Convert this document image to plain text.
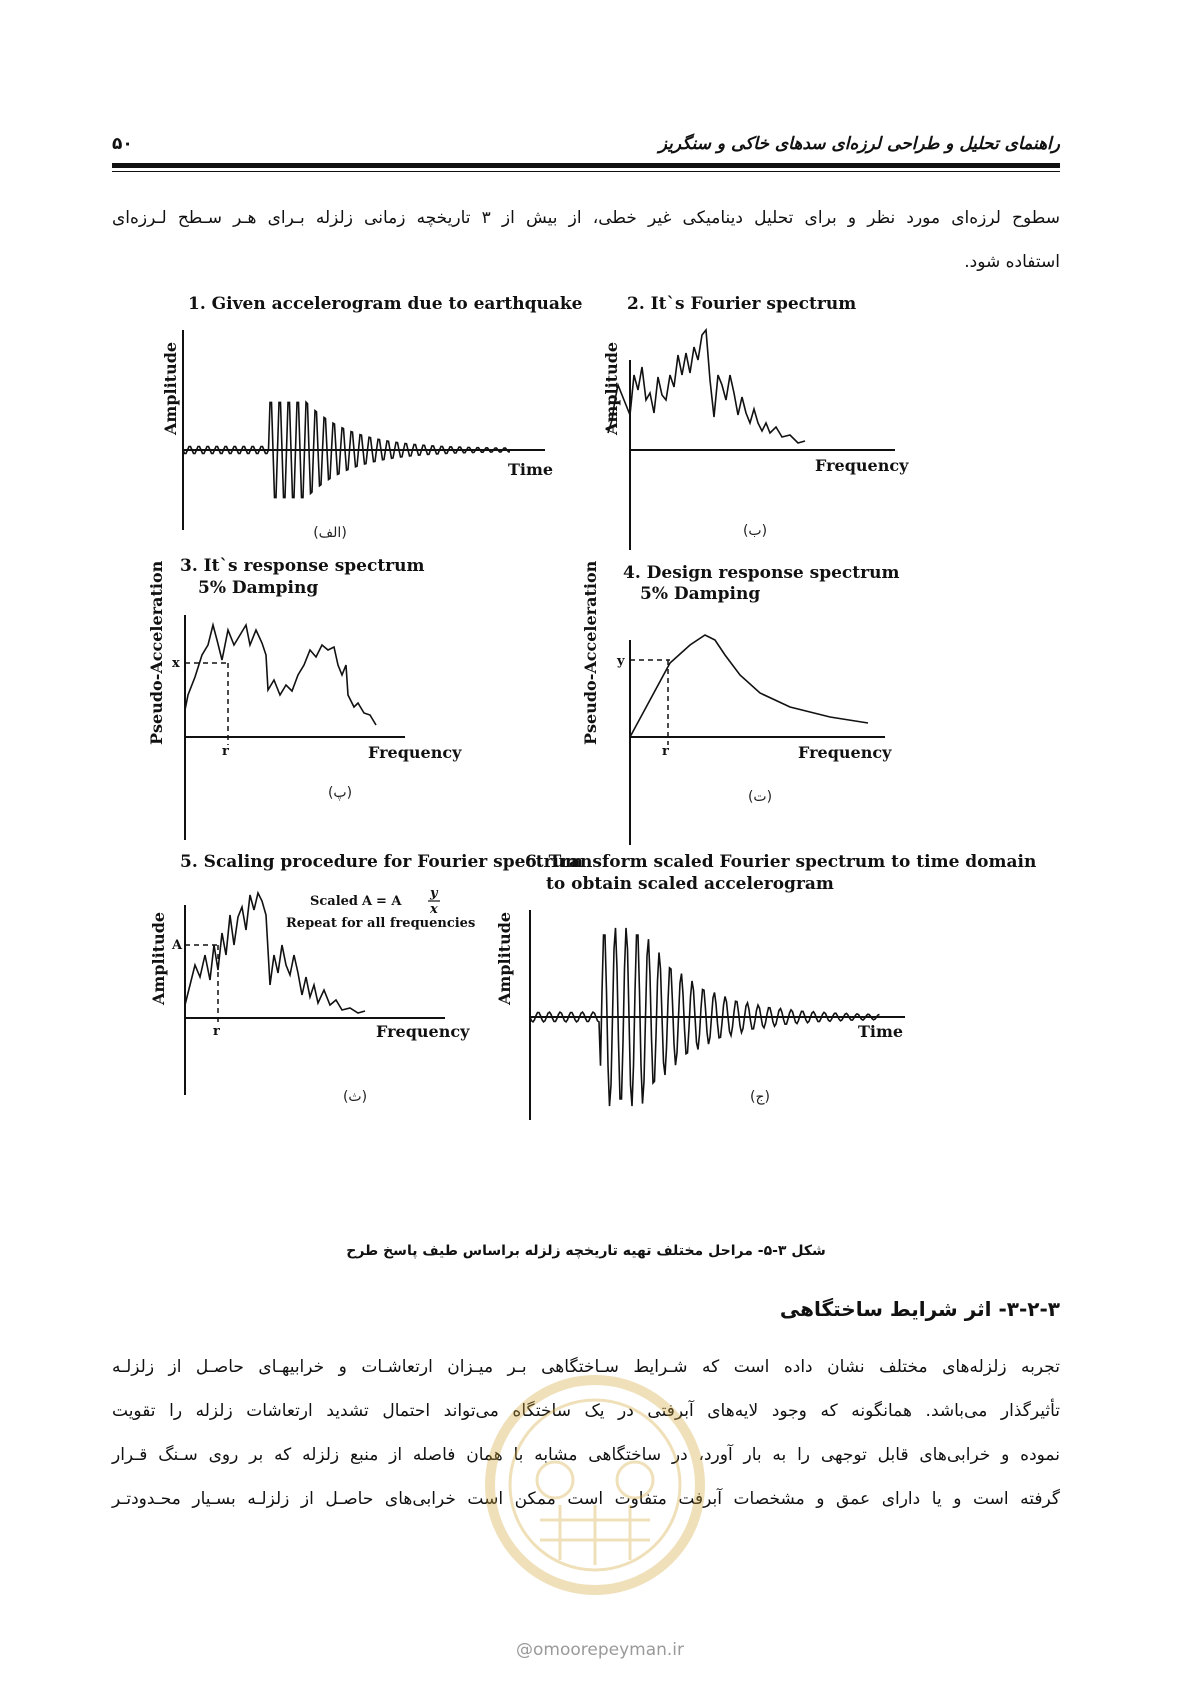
راهنمای تحلیل و طراحی لرزه‌ای سدهای خاکی و سنگریز
۵۰
سطوح لرزه‌ای مورد نظر و برای تحلیل دینامیکی غیر خطی، از بیش از ۳ تاریخچه زمانی زلزله بـرای هـر سـطح لـرزه‌ای
استفاده شود.
1. Given accelerogram due to earthquake
Amplitude
Time
(الف)
2. It`s Fourier spectrum
Amplitude
Frequency
(ب)
3. It`s response spectrum
5% Damping
Pseudo-Acceleration x
r	Frequency
(پ)
4. Design response spectrum
5% Damping
Pseudo-Acceleration y
r	Frequency
(ت)
5. Scaling procedure for Fourier spectrum
Scaled A = A
y
x
Repeat for all frequencies
Amplitude A
r	Frequency
(ث)
6. Transform scaled Fourier spectrum to time domain
to obtain scaled accelerogram
Amplitude
Time
(ج)
شکل ۳-۵- مراحل مختلف تهیه تاریخچه زلزله براساس طیف پاسخ طرح
۳-۲-۳- اثر شرایط ساختگاهی
تجربه زلزله‌های مختلف نشان داده است که شـرایط سـاختگاهی بـر میـزان ارتعاشـات و خرابیهـای حاصـل از زلزلـه
تأثیرگذار می‌باشد. همانگونه که وجود لایه‌های آبرفتی در یک ساختگاه می‌تواند احتمال تشدید ارتعاشات زلزله را تقویت
نموده و خرابی‌های قابل توجهی را به بار آورد، در ساختگاهی مشابه با همان فاصله از منبع زلزله که بر روی سـنگ قـرار
گرفته است و یا دارای عمق و مشخصات آبرفت متفاوت است ممکن است خرابی‌های حاصـل از زلزلـه بسـیار محـدودتـر
@omoorepeyman.ir
